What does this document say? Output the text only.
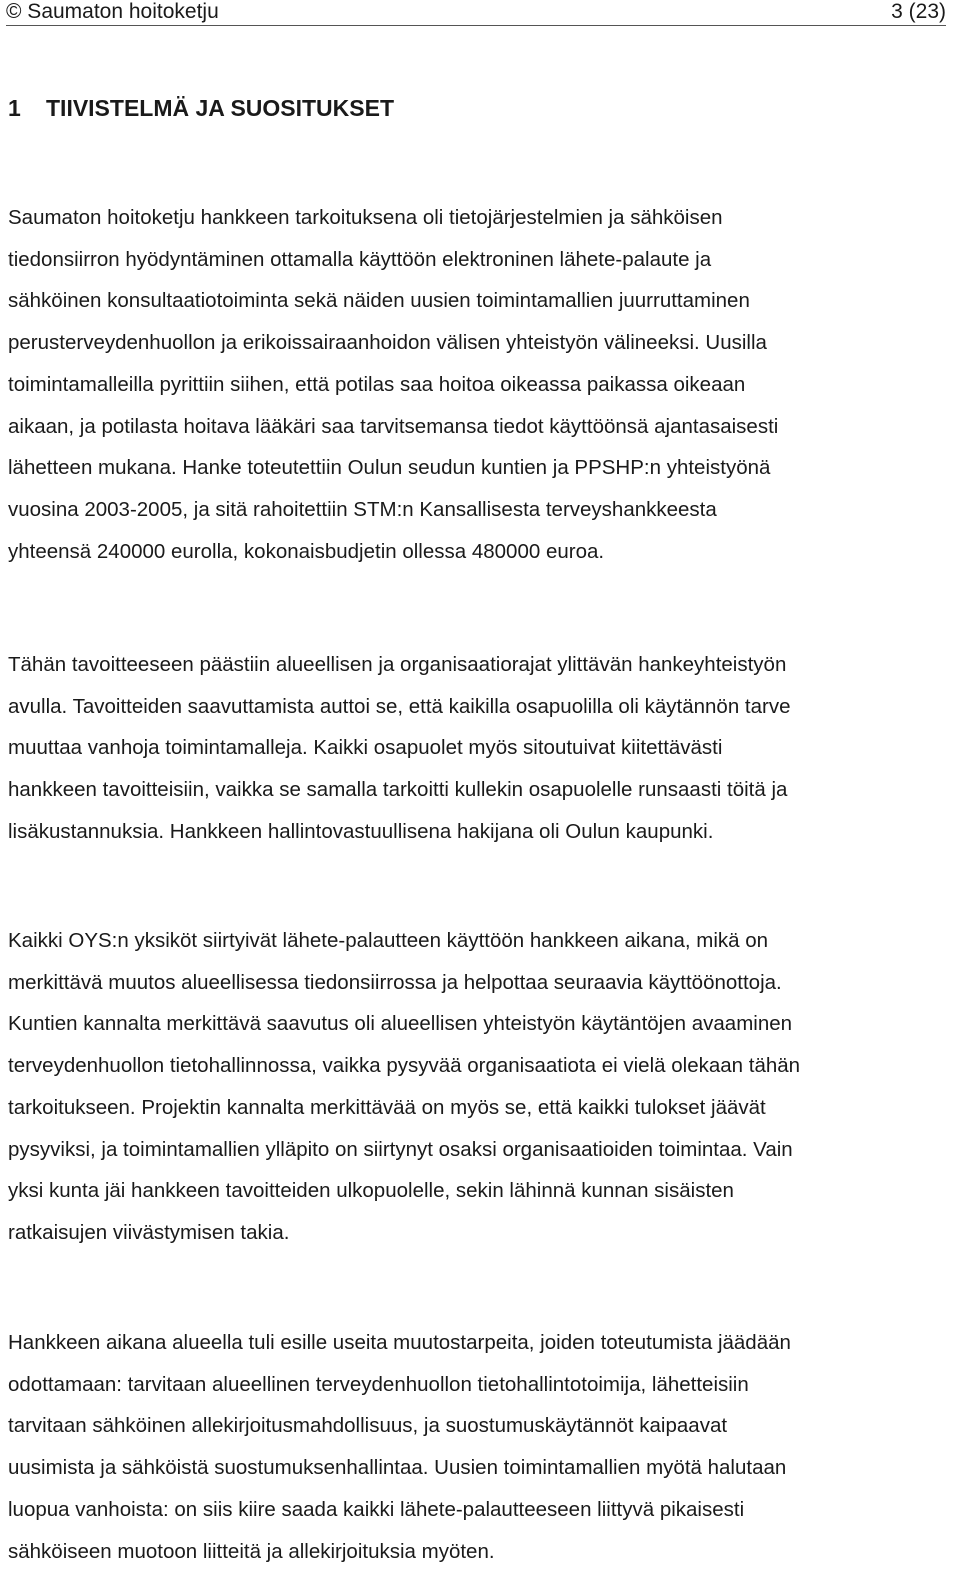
© Saumaton hoitoketju	3 (23)
1 TIIVISTELMÄ JA SUOSITUKSET

Saumaton hoitoketju hankkeen tarkoituksena oli tietojärjestelmien ja sähköisen
tiedonsiirron hyödyntäminen ottamalla käyttöön elektroninen lähete-palaute ja
sähköinen konsultaatiotoiminta sekä näiden uusien toimintamallien juurruttaminen
perusterveydenhuollon ja erikoissairaanhoidon välisen yhteistyön välineeksi. Uusilla
toimintamalleilla pyrittiin siihen, että potilas saa hoitoa oikeassa paikassa oikeaan
aikaan, ja potilasta hoitava lääkäri saa tarvitsemansa tiedot käyttöönsä ajantasaisesti
lähetteen mukana. Hanke toteutettiin Oulun seudun kuntien ja PPSHP:n yhteistyönä
vuosina 2003-2005, ja sitä rahoitettiin STM:n Kansallisesta terveyshankkeesta
yhteensä 240000 eurolla, kokonaisbudjetin ollessa 480000 euroa.

Tähän tavoitteeseen päästiin alueellisen ja organisaatiorajat ylittävän hankeyhteistyön
avulla. Tavoitteiden saavuttamista auttoi se, että kaikilla osapuolilla oli käytännön tarve
muuttaa vanhoja toimintamalleja. Kaikki osapuolet myös sitoutuivat kiitettävästi
hankkeen tavoitteisiin, vaikka se samalla tarkoitti kullekin osapuolelle runsaasti töitä ja
lisäkustannuksia. Hankkeen hallintovastuullisena hakijana oli Oulun kaupunki.

Kaikki OYS:n yksiköt siirtyivät lähete-palautteen käyttöön hankkeen aikana, mikä on
merkittävä muutos alueellisessa tiedonsiirrossa ja helpottaa seuraavia käyttöönottoja.
Kuntien kannalta merkittävä saavutus oli alueellisen yhteistyön käytäntöjen avaaminen
terveydenhuollon tietohallinnossa, vaikka pysyvää organisaatiota ei vielä olekaan tähän
tarkoitukseen. Projektin kannalta merkittävää on myös se, että kaikki tulokset jäävät
pysyviksi, ja toimintamallien ylläpito on siirtynyt osaksi organisaatioiden toimintaa. Vain
yksi kunta jäi hankkeen tavoitteiden ulkopuolelle, sekin lähinnä kunnan sisäisten
ratkaisujen viivästymisen takia.

Hankkeen aikana alueella tuli esille useita muutostarpeita, joiden toteutumista jäädään
odottamaan: tarvitaan alueellinen terveydenhuollon tietohallintotoimija, lähetteisiin
tarvitaan sähköinen allekirjoitusmahdollisuus, ja suostumuskäytännöt kaipaavat
uusimista ja sähköistä suostumuksenhallintaa. Uusien toimintamallien myötä halutaan
luopua vanhoista: on siis kiire saada kaikki lähete-palautteeseen liittyvä pikaisesti
sähköiseen muotoon liitteitä ja allekirjoituksia myöten.
